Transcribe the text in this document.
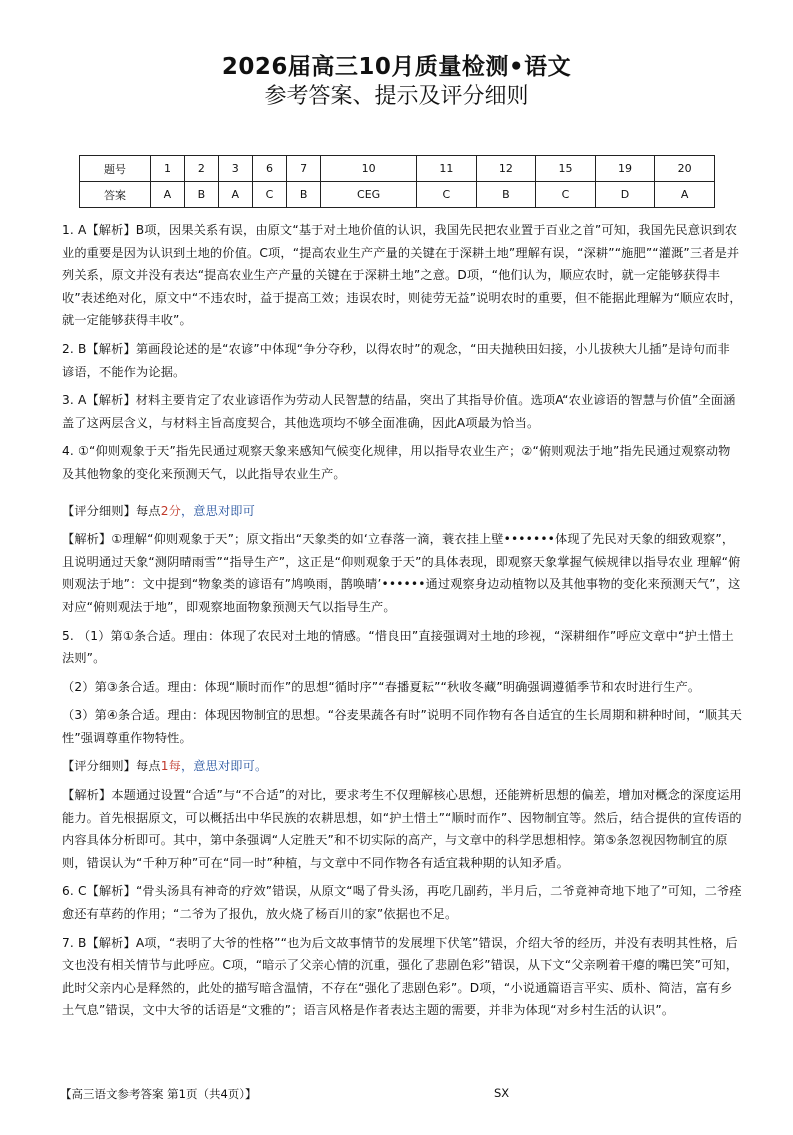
2026届高三10月质量检测•语文
参考答案、提示及评分细则
题号	1	2	3	6	7	10	11	12	15	19	20
答案	A	B	A	C	B	CEG	C	B	C	D	A

1. A【解析】B项，因果关系有误，由原文“基于对土地价值的认识，我国先民把农业置于百业之首”可知，我国先民意识到农业的重要是因为认识到土地的价值。C项，“提高农业生产产量的关键在于深耕土地”理解有误，“深耕”“施肥”“灌溉”三者是并列关系，原文并没有表达“提高农业生产产量的关键在于深耕土地”之意。D项，“他们认为，顺应农时，就一定能够获得丰收”表述绝对化，原文中“不违农时，益于提高工效；违误农时，则徒劳无益”说明农时的重要，但不能据此理解为“顺应农时，就一定能够获得丰收”。

2. B【解析】第画段论述的是“农谚”中体现“争分夺秒，以得农时”的观念，“田夫抛秧田妇接，小儿拔秧大儿插”是诗句而非谚语，不能作为论据。

3. A【解析】材料主要肯定了农业谚语作为劳动人民智慧的结晶，突出了其指导价值。选项A“农业谚语的智慧与价值”全面涵盖了这两层含义，与材料主旨高度契合，其他选项均不够全面准确，因此A项最为恰当。

4. ①“仰则观象于天”指先民通过观察天象来感知气候变化规律，用以指导农业生产；②“俯则观法于地”指先民通过观察动物及其他物象的变化来预测天气，以此指导农业生产。

【评分细则】每点2分，意思对即可

【解析】①理解“仰则观象于天”；原文指出“天象类的如‘立春落一滴，蓑衣挂上壁•••••••体现了先民对天象的细致观察”，且说明通过天象“测阴晴雨雪”“指导生产”，这正是“仰则观象于天”的具体表现，即观察天象掌握气候规律以指导农业 理解“俯则观法于地”：文中提到“物象类的谚语有”鸠唤雨，鹊唤晴’••••••通过观察身边动植物以及其他事物的变化来预测天气”，这对应“俯则观法于地”，即观察地面物象预测天气以指导生产。

5. （1）第①条合适。理由：体现了农民对土地的情感。“惜良田”直接强调对土地的珍视，“深耕细作”呼应文章中“护土惜土法则”。

（2）第③条合适。理由：体现“顺时而作”的思想“循时序”“春播夏耘”“秋收冬藏”明确强调遵循季节和农时进行生产。

（3）第④条合适。理由：体现因物制宜的思想。“谷麦果蔬各有时”说明不同作物有各自适宜的生长周期和耕种时间，“顺其天性”强调尊重作物特性。

【评分细则】每点1每，意思对即可。

【解析】本题通过设置“合适”与“不合适”的对比，要求考生不仅理解核心思想，还能辨析思想的偏差，增加对概念的深度运用能力。首先根据原文，可以概括出中华民族的农耕思想，如“护土惜土”“顺时而作”、因物制宜等。然后，结合提供的宣传语的内容具体分析即可。其中，第中条强调“人定胜天”和不切实际的高产，与文章中的科学思想相悖。第⑤条忽视因物制宜的原则，错误认为“千种万种”可在“同一时”种植，与文章中不同作物各有适宜栽种期的认知矛盾。

6. C【解析】“骨头汤具有神奇的疗效”错误，从原文“喝了骨头汤，再吃几副药，半月后，二爷竟神奇地下地了”可知，二爷痊愈还有草药的作用；“二爷为了报仇，放火烧了杨百川的家”依据也不足。

7. B【解析】A项，“表明了大爷的性格”“也为后文故事情节的发展埋下伏笔”错误，介绍大爷的经历，并没有表明其性格，后文也没有相关情节与此呼应。C项，“暗示了父亲心情的沉重，强化了悲剧色彩”错误，从下文“父亲咧着干瘪的嘴巴笑”可知，此时父亲内心是释然的，此处的描写暗含温情，不存在“强化了悲剧色彩”。D项，“小说通篇语言平实、质朴、简洁，富有乡土气息”错误，文中大爷的话语是“文雅的”；语言风格是作者表达主题的需要，并非为体现“对乡村生活的认识”。

【高三语文参考答案 第1页（共4页）】	SX
